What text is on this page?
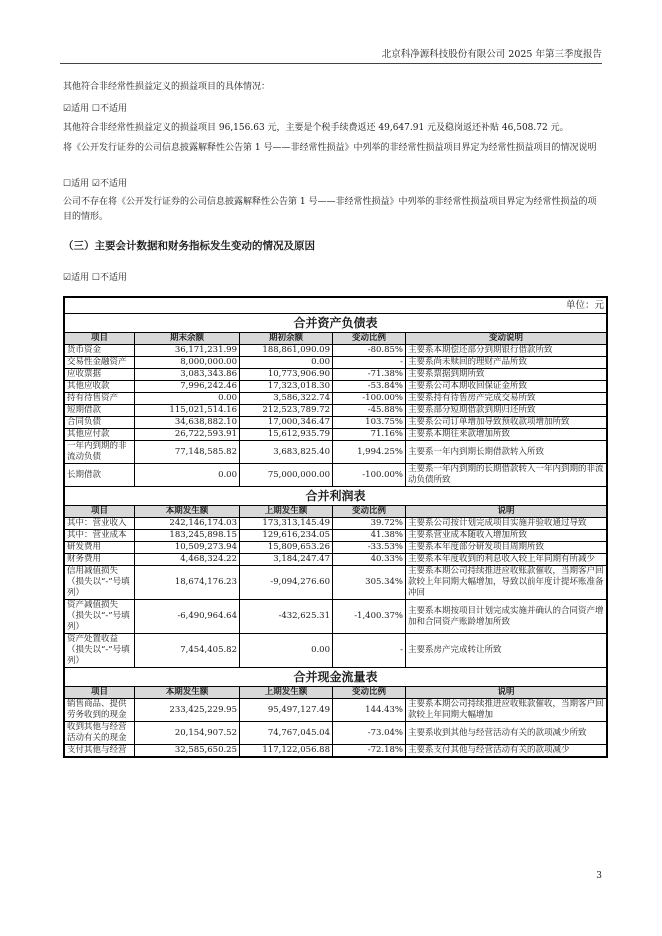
北京科净源科技股份有限公司 2025 年第三季度报告
其他符合非经常性损益定义的损益项目的具体情况：
☑适用 ☐不适用
其他符合非经常性损益定义的损益项目 96,156.63 元，主要是个税手续费返还 49,647.91 元及稳岗返还补贴 46,508.72 元。
将《公开发行证券的公司信息披露解释性公告第 1 号——非经常性损益》中列举的非经常性损益项目界定为经常性损益项目的情况说明
☐适用 ☑不适用
公司不存在将《公开发行证券的公司信息披露解释性公告第 1 号——非经常性损益》中列举的非经常性损益项目界定为经常性损益的项目的情形。
（三）主要会计数据和财务指标发生变动的情况及原因
☑适用 ☐不适用
单位：元				
合并资产负债表				
项目	期末余额	期初余额	变动比例	变动说明
货币资金	36,171,231.99	188,861,090.09	-80.85%	主要系本期偿还部分到期银行借款所致
交易性金融资产	8,000,000.00	0.00	-	主要系尚未赎回的理财产品所致
应收票据	3,083,343.86	10,773,906.90	-71.38%	主要系票据到期所致
其他应收款	7,996,242.46	17,323,018.30	-53.84%	主要系公司本期收回保证金所致
持有待售资产	0.00	3,586,322.74	-100.00%	主要系持有待售房产完成交易所致
短期借款	115,021,514.16	212,523,789.72	-45.88%	主要系部分短期借款到期归还所致
合同负债	34,638,882.10	17,000,346.47	103.75%	主要系公司订单增加导致预收款项增加所致
其他应付款	26,722,593.91	15,612,935.79	71.16%	主要系本期往来款增加所致
一年内到期的非流动负债	77,148,585.82	3,683,825.40	1,994.25%	主要系一年内到期长期借款转入所致
长期借款	0.00	75,000,000.00	-100.00%	主要系一年内到期的长期借款转入一年内到期的非流动负债所致
合并利润表				
项目	本期发生额	上期发生额	变动比例	说明
其中：营业收入	242,146,174.03	173,313,145.49	39.72%	主要系公司按计划完成项目实施并验收通过导致
其中：营业成本	183,245,898.15	129,616,234.05	41.38%	主要系营业成本随收入增加所致
研发费用	10,509,273.94	15,809,653.26	-33.53%	主要系本年度部分研发项目周期所致
财务费用	4,468,324.22	3,184,247.47	40.33%	主要系本年度收到的利息收入较上年同期有所减少
信用减值损失（损失以“-”号填列）	18,674,176.23	-9,094,276.60	305.34%	主要系本期公司持续推进应收账款催收，当期客户回款较上年同期大幅增加，导致以前年度计提坏账准备冲回
资产减值损失（损失以“-”号填列）	-6,490,964.64	-432,625.31	-1,400.37%	主要系本期按项目计划完成实施并确认的合同资产增加和合同资产账龄增加所致
资产处置收益（损失以“-”号填列）	7,454,405.82	0.00	-	主要系房产完成转让所致
合并现金流量表				
项目	本期发生额	上期发生额	变动比例	说明
销售商品、提供劳务收到的现金	233,425,229.95	95,497,127.49	144.43%	主要系本期公司持续推进应收账款催收，当期客户回款较上年同期大幅增加
收到其他与经营活动有关的现金	20,154,907.52	74,767,045.04	-73.04%	主要系收到其他与经营活动有关的款项减少所致
支付其他与经营	32,585,650.25	117,122,056.88	-72.18%	主要系支付其他与经营活动有关的款项减少
3
